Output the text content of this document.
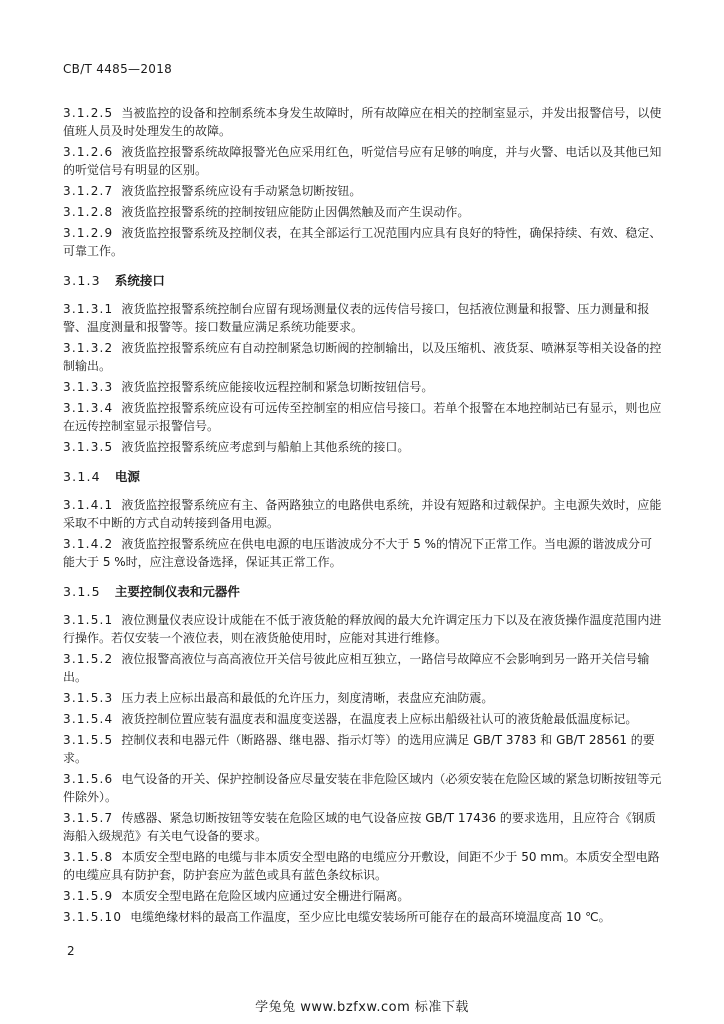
CB/T 4485—2018
3.1.2.5 当被监控的设备和控制系统本身发生故障时，所有故障应在相关的控制室显示，并发出报警信号，以使值班人员及时处理发生的故障。
3.1.2.6 液货监控报警系统故障报警光色应采用红色，听觉信号应有足够的响度，并与火警、电话以及其他已知的听觉信号有明显的区别。
3.1.2.7 液货监控报警系统应设有手动紧急切断按钮。
3.1.2.8 液货监控报警系统的控制按钮应能防止因偶然触及而产生误动作。
3.1.2.9 液货监控报警系统及控制仪表，在其全部运行工况范围内应具有良好的特性，确保持续、有效、稳定、可靠工作。
3.1.3 系统接口
3.1.3.1 液货监控报警系统控制台应留有现场测量仪表的远传信号接口，包括液位测量和报警、压力测量和报警、温度测量和报警等。接口数量应满足系统功能要求。
3.1.3.2 液货监控报警系统应有自动控制紧急切断阀的控制输出，以及压缩机、液货泵、喷淋泵等相关设备的控制输出。
3.1.3.3 液货监控报警系统应能接收远程控制和紧急切断按钮信号。
3.1.3.4 液货监控报警系统应设有可远传至控制室的相应信号接口。若单个报警在本地控制站已有显示，则也应在远传控制室显示报警信号。
3.1.3.5 液货监控报警系统应考虑到与船舶上其他系统的接口。
3.1.4 电源
3.1.4.1 液货监控报警系统应有主、备两路独立的电路供电系统，并设有短路和过载保护。主电源失效时，应能采取不中断的方式自动转接到备用电源。
3.1.4.2 液货监控报警系统应在供电电源的电压谐波成分不大于 5 %的情况下正常工作。当电源的谐波成分可能大于 5 %时，应注意设备选择，保证其正常工作。
3.1.5 主要控制仪表和元器件
3.1.5.1 液位测量仪表应设计成能在不低于液货舱的释放阀的最大允许调定压力下以及在液货操作温度范围内进行操作。若仅安装一个液位表，则在液货舱使用时，应能对其进行维修。
3.1.5.2 液位报警高液位与高高液位开关信号彼此应相互独立，一路信号故障应不会影响到另一路开关信号输出。
3.1.5.3 压力表上应标出最高和最低的允许压力，刻度清晰，表盘应充油防震。
3.1.5.4 液货控制位置应装有温度表和温度变送器，在温度表上应标出船级社认可的液货舱最低温度标记。
3.1.5.5 控制仪表和电器元件（断路器、继电器、指示灯等）的选用应满足 GB/T 3783 和 GB/T 28561 的要求。
3.1.5.6 电气设备的开关、保护控制设备应尽量安装在非危险区域内（必须安装在危险区域的紧急切断按钮等元件除外）。
3.1.5.7 传感器、紧急切断按钮等安装在危险区域的电气设备应按 GB/T 17436 的要求选用，且应符合《钢质海船入级规范》有关电气设备的要求。
3.1.5.8 本质安全型电路的电缆与非本质安全型电路的电缆应分开敷设，间距不少于 50 mm。本质安全型电路的电缆应具有防护套，防护套应为蓝色或具有蓝色条纹标识。
3.1.5.9 本质安全型电路在危险区域内应通过安全栅进行隔离。
3.1.5.10 电缆绝缘材料的最高工作温度，至少应比电缆安装场所可能存在的最高环境温度高 10 ℃。
2
学兔兔 www.bzfxw.com 标准下载
